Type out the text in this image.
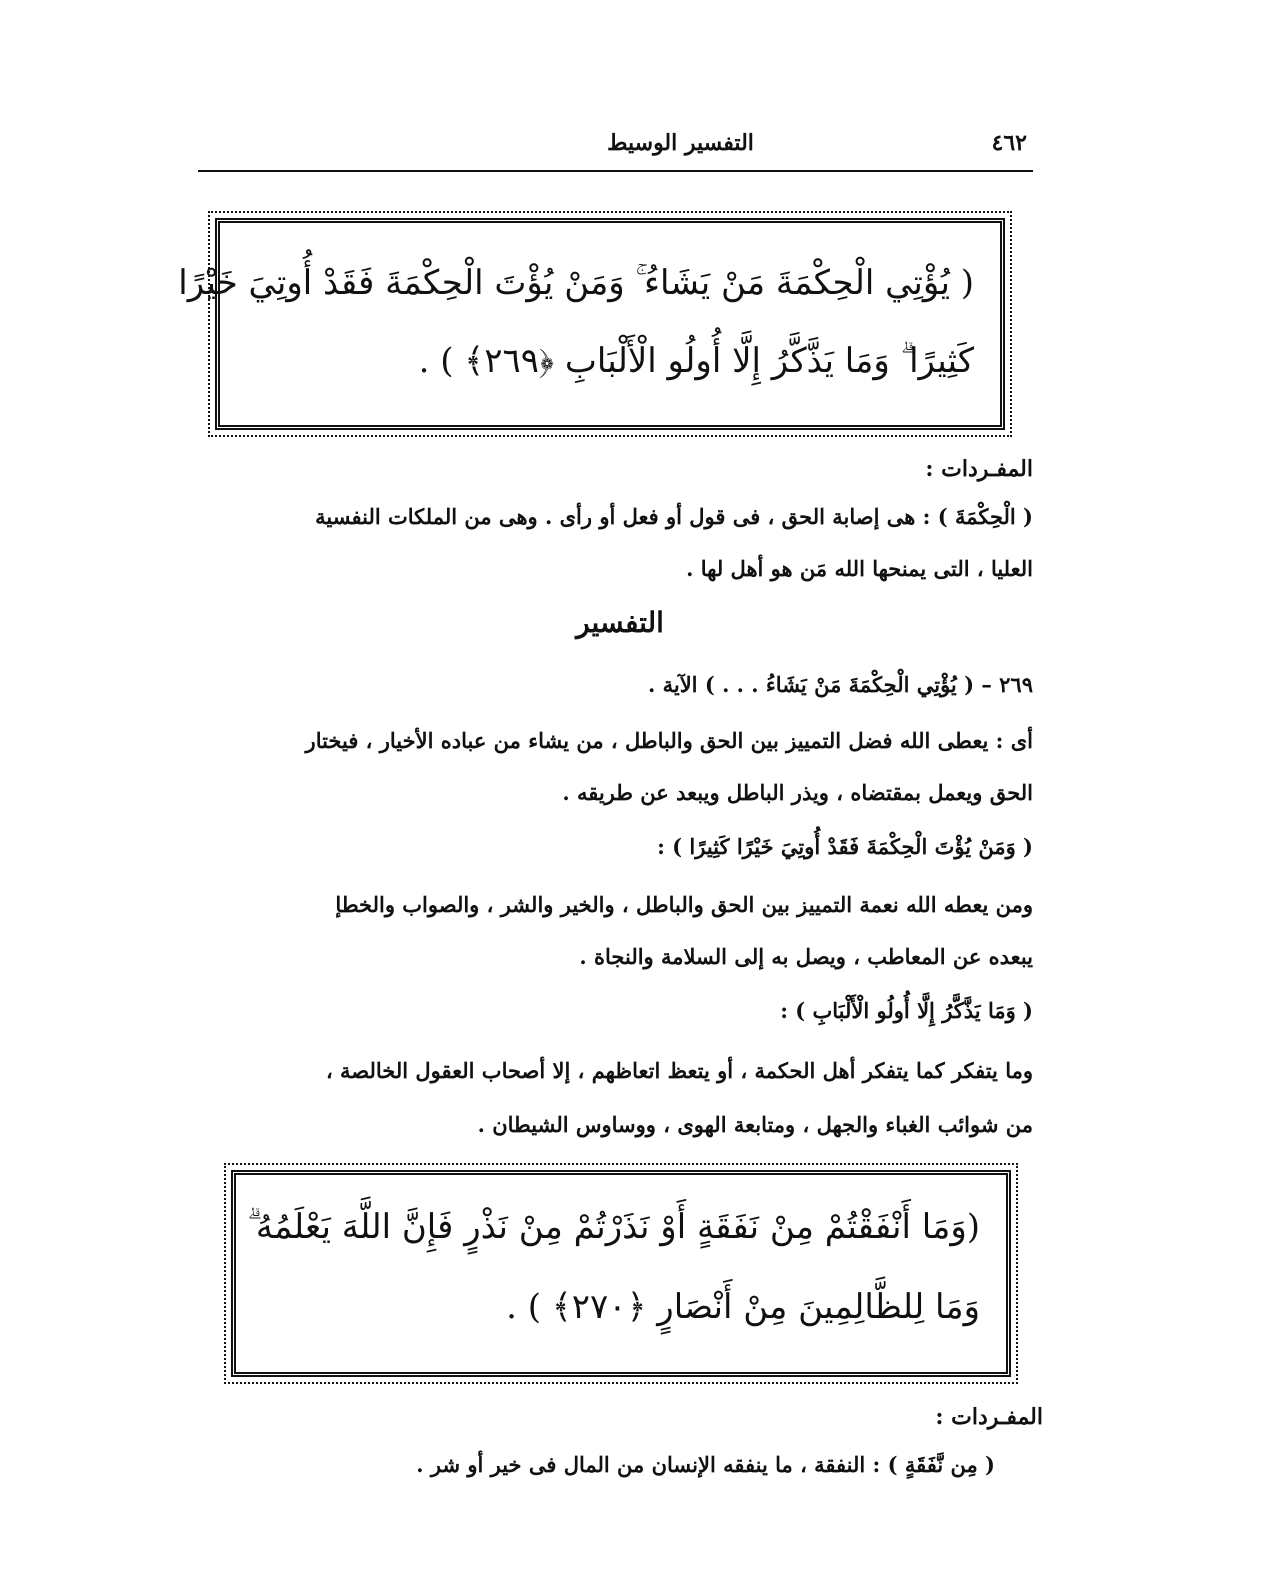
٤٦٢
التفسير الوسيط
( يُؤْتِي الْحِكْمَةَ مَنْ يَشَاءُ ۚ وَمَنْ يُؤْتَ الْحِكْمَةَ فَقَدْ أُوتِيَ خَيْرًا
كَثِيرًا ۗ وَمَا يَذَّكَّرُ إِلَّا أُولُو الْأَلْبَابِ ﴿٢٦٩﴾ ) .
المفـردات :
( الْحِكْمَةَ ) : هى إصابة الحق ، فى قول أو فعل أو رأى . وهى من الملكات النفسية
العليا ، التى يمنحها الله مَن هو أهل لها .
التفسير
٢٦٩ – ( يُؤْتِي الْحِكْمَةَ مَنْ يَشَاءُ . . . ) الآية .
أى : يعطى الله فضل التمييز بين الحق والباطل ، من يشاء من عباده الأخيار ، فيختار
الحق ويعمل بمقتضاه ، ويذر الباطل ويبعد عن طريقه .
( وَمَنْ يُؤْتَ الْحِكْمَةَ فَقَدْ أُوتِيَ خَيْرًا كَثِيرًا ) :
ومن يعطه الله نعمة التمييز بين الحق والباطل ، والخير والشر ، والصواب والخطإ
يبعده عن المعاطب ، ويصل به إلى السلامة والنجاة .
( وَمَا يَذَّكَّرُ إِلَّا أُولُو الْأَلْبَابِ ) :
وما يتفكر كما يتفكر أهل الحكمة ، أو يتعظ اتعاظهم ، إلا أصحاب العقول الخالصة ،
من شوائب الغباء والجهل ، ومتابعة الهوى ، ووساوس الشيطان .
(وَمَا أَنْفَقْتُمْ مِنْ نَفَقَةٍ أَوْ نَذَرْتُمْ مِنْ نَذْرٍ فَإِنَّ اللَّهَ يَعْلَمُهُ ۗ
وَمَا لِلظَّالِمِينَ مِنْ أَنْصَارٍ ﴿٢٧٠﴾ ) .
المفـردات :
( مِن نَّفَقَةٍ ) : النفقة ، ما ينفقه الإنسان من المال فى خير أو شر .
